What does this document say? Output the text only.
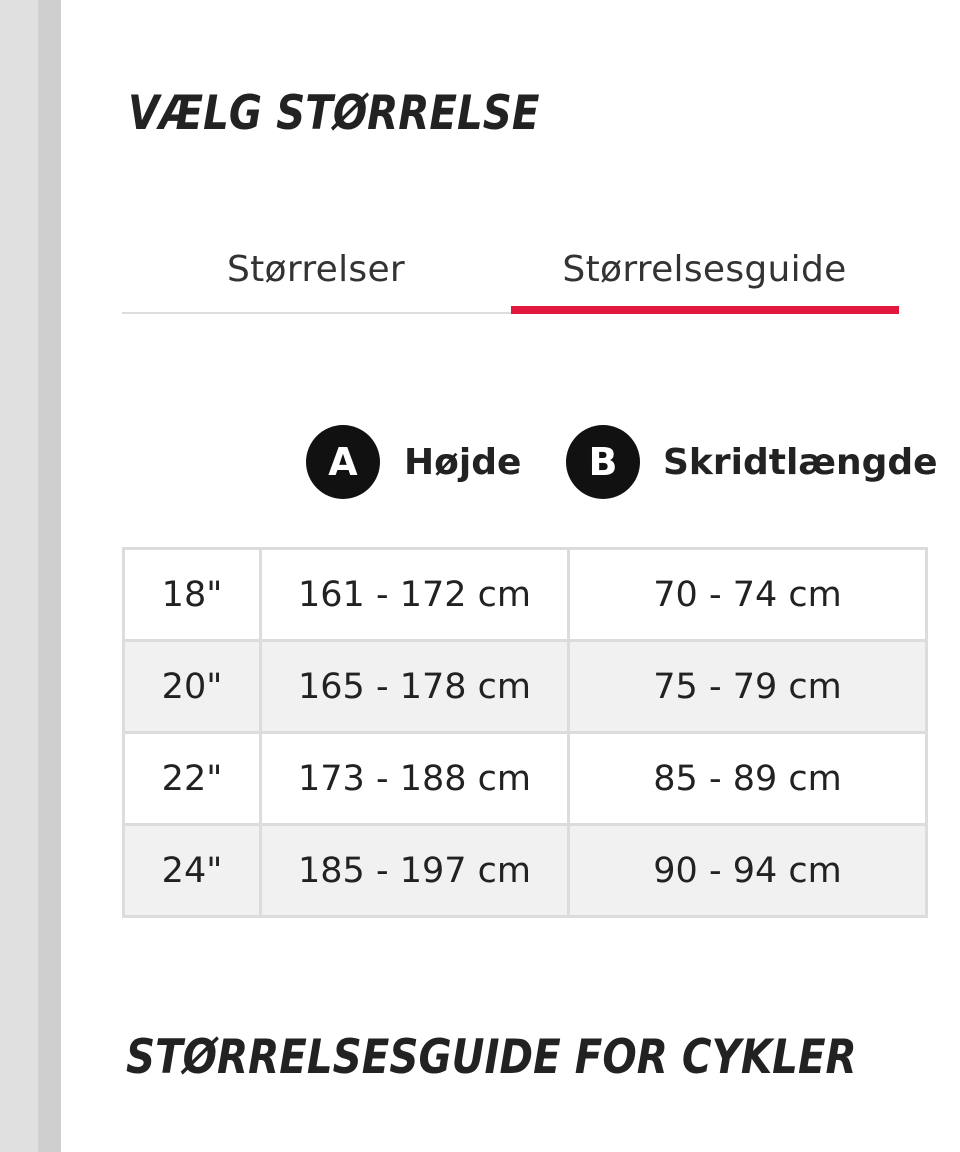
VÆLG STØRRELSE
Størrelser	Størrelsesguide
A	Højde	B	Skridtlængde
18"	161 - 172 cm	70 - 74 cm
20"	165 - 178 cm	75 - 79 cm
22"	173 - 188 cm	85 - 89 cm
24"	185 - 197 cm	90 - 94 cm
STØRRELSESGUIDE FOR CYKLER
